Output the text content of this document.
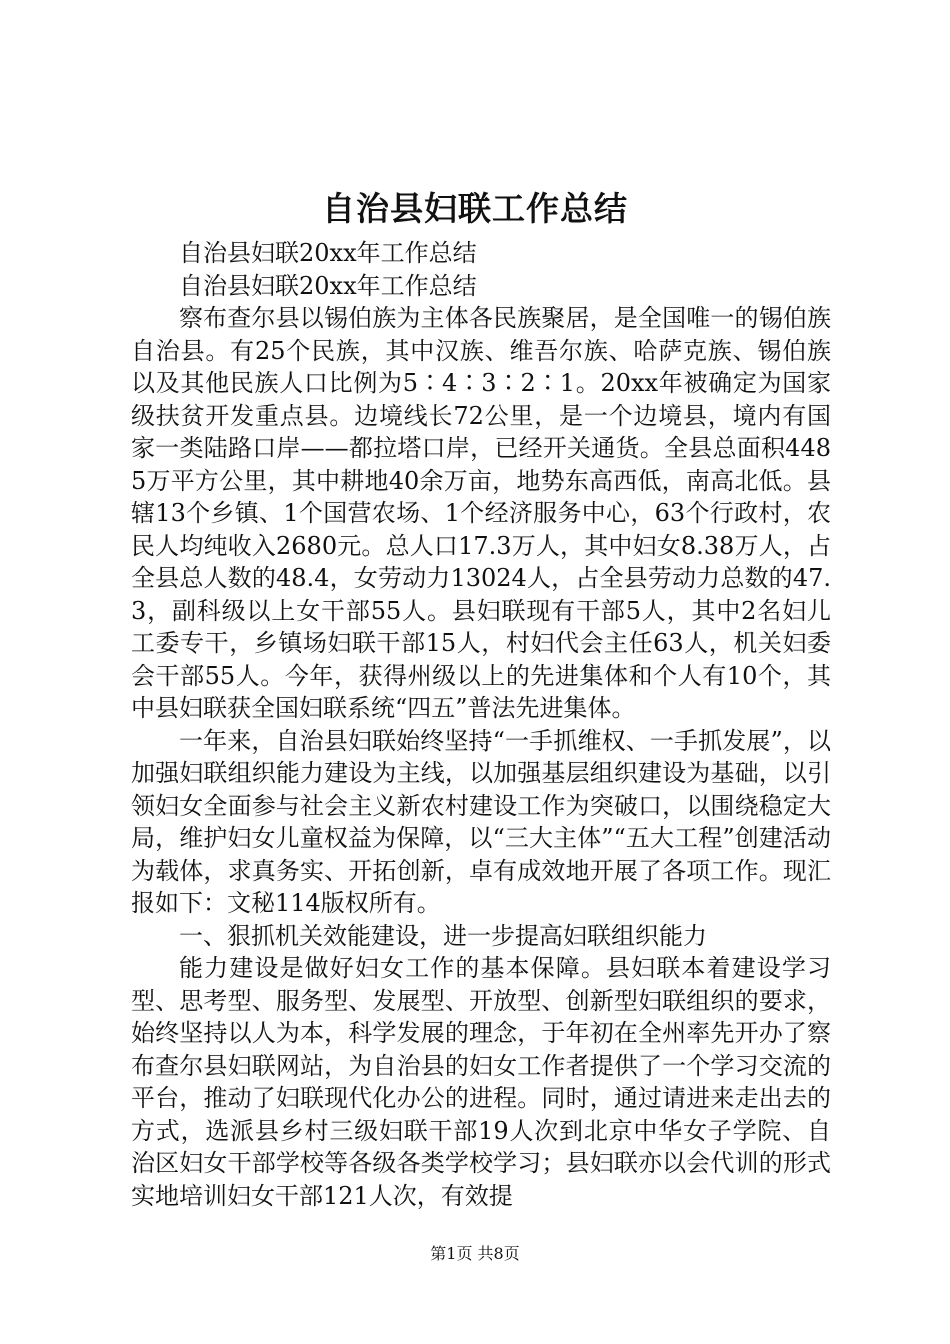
自治县妇联工作总结

自治县妇联20xx年工作总结

自治县妇联20xx年工作总结

察布查尔县以锡伯族为主体各民族聚居，是全国唯一的锡伯族自治县。有25个民族，其中汉族、维吾尔族、哈萨克族、锡伯族以及其他民族人口比例为5∶4∶3∶2∶1。20xx年被确定为国家级扶贫开发重点县。边境线长72公里，是一个边境县，境内有国家一类陆路口岸——都拉塔口岸，已经开关通货。全县总面积4485万平方公里，其中耕地40余万亩，地势东高西低，南高北低。县辖13个乡镇、1个国营农场、1个经济服务中心，63个行政村，农民人均纯收入2680元。总人口17.3万人，其中妇女8.38万人，占全县总人数的48.4，女劳动力13024人，占全县劳动力总数的47.3，副科级以上女干部55人。县妇联现有干部5人，其中2名妇儿工委专干，乡镇场妇联干部15人，村妇代会主任63人，机关妇委会干部55人。今年，获得州级以上的先进集体和个人有10个，其中县妇联获全国妇联系统“四五”普法先进集体。

一年来，自治县妇联始终坚持“一手抓维权、一手抓发展”，以加强妇联组织能力建设为主线，以加强基层组织建设为基础，以引领妇女全面参与社会主义新农村建设工作为突破口，以围绕稳定大局，维护妇女儿童权益为保障，以“三大主体”“五大工程”创建活动为载体，求真务实、开拓创新，卓有成效地开展了各项工作。现汇报如下：文秘114版权所有。

一、狠抓机关效能建设，进一步提高妇联组织能力

能力建设是做好妇女工作的基本保障。县妇联本着建设学习型、思考型、服务型、发展型、开放型、创新型妇联组织的要求，始终坚持以人为本，科学发展的理念，于年初在全州率先开办了察布查尔县妇联网站，为自治县的妇女工作者提供了一个学习交流的平台，推动了妇联现代化办公的进程。同时，通过请进来走出去的方式，选派县乡村三级妇联干部19人次到北京中华女子学院、自治区妇女干部学校等各级各类学校学习；县妇联亦以会代训的形式实地培训妇女干部121人次，有效提

第1页 共8页
